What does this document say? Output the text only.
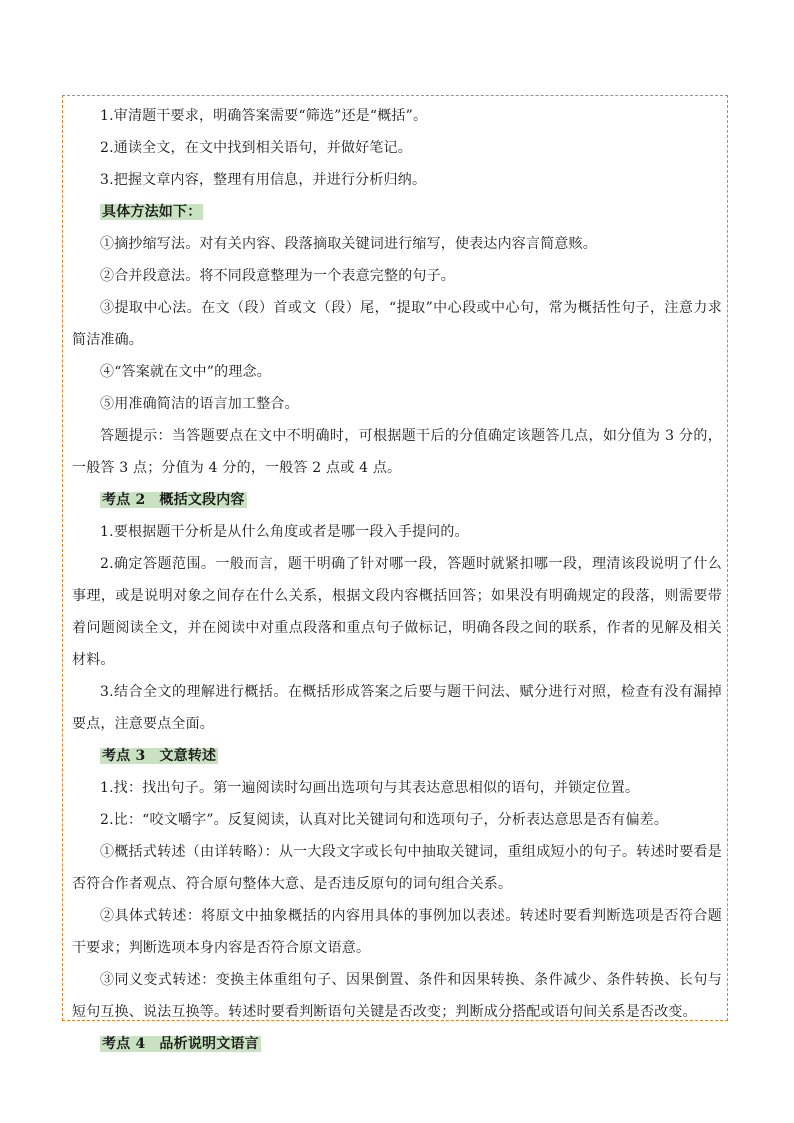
1.审清题干要求，明确答案需要“筛选”还是“概括”。

2.通读全文，在文中找到相关语句，并做好笔记。

3.把握文章内容，整理有用信息，并进行分析归纳。

具体方法如下：

①摘抄缩写法。对有关内容、段落摘取关键词进行缩写，使表达内容言简意赅。

②合并段意法。将不同段意整理为一个表意完整的句子。

③提取中心法。在文（段）首或文（段）尾，“提取”中心段或中心句，常为概括性句子，注意力求简洁准确。

④“答案就在文中”的理念。

⑤用准确简洁的语言加工整合。

答题提示：当答题要点在文中不明确时，可根据题干后的分值确定该题答几点，如分值为 3 分的，一般答 3 点；分值为 4 分的，一般答 2 点或 4 点。

考点 2 概括文段内容

1.要根据题干分析是从什么角度或者是哪一段入手提问的。

2.确定答题范围。一般而言，题干明确了针对哪一段，答题时就紧扣哪一段，理清该段说明了什么事理，或是说明对象之间存在什么关系，根据文段内容概括回答；如果没有明确规定的段落，则需要带着问题阅读全文，并在阅读中对重点段落和重点句子做标记，明确各段之间的联系，作者的见解及相关材料。

3.结合全文的理解进行概括。在概括形成答案之后要与题干问法、赋分进行对照，检查有没有漏掉要点，注意要点全面。

考点 3 文意转述

1.找：找出句子。第一遍阅读时勾画出选项句与其表达意思相似的语句，并锁定位置。

2.比：“咬文嚼字”。反复阅读，认真对比关键词句和选项句子，分析表达意思是否有偏差。

①概括式转述（由详转略）：从一大段文字或长句中抽取关键词，重组成短小的句子。转述时要看是否符合作者观点、符合原句整体大意、是否违反原句的词句组合关系。

②具体式转述：将原文中抽象概括的内容用具体的事例加以表述。转述时要看判断选项是否符合题干要求；判断选项本身内容是否符合原文语意。

③同义变式转述：变换主体重组句子、因果倒置、条件和因果转换、条件减少、条件转换、长句与短句互换、说法互换等。转述时要看判断语句关键是否改变；判断成分搭配或语句间关系是否改变。

考点 4 品析说明文语言
